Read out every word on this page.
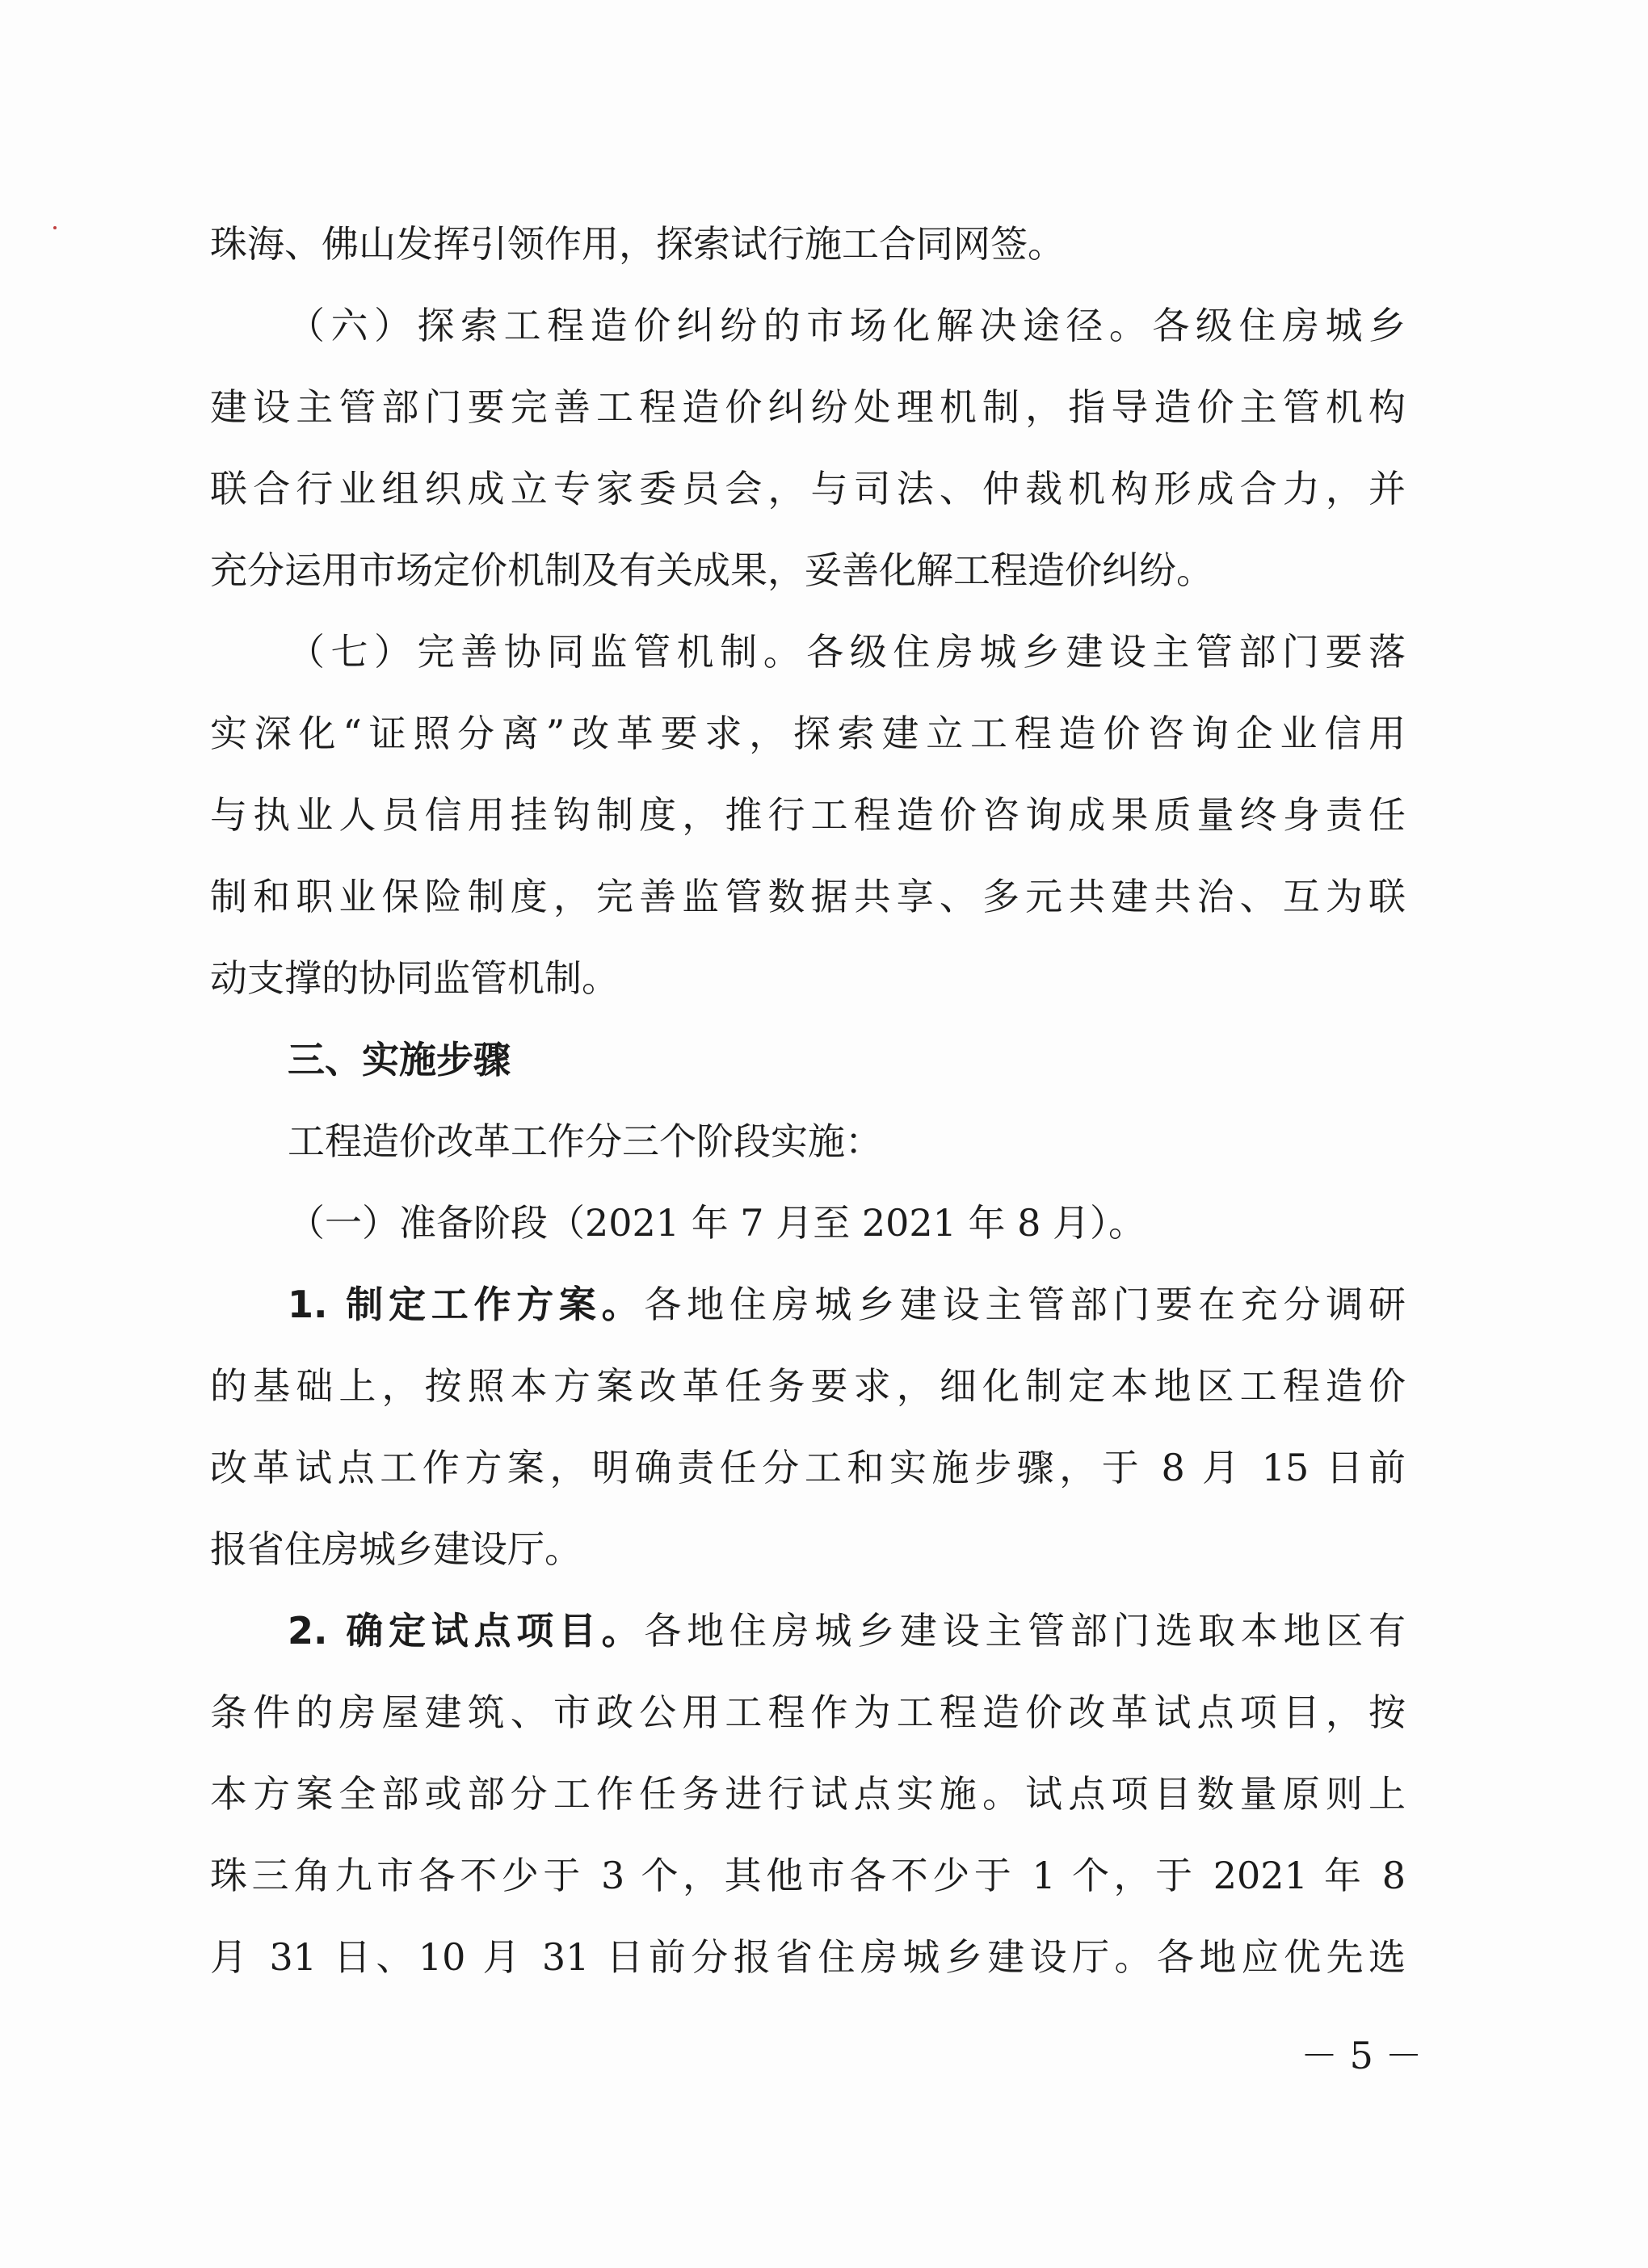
珠海、佛山发挥引领作用，探索试行施工合同网签。
（六）探索工程造价纠纷的市场化解决途径。各级住房城乡
建设主管部门要完善工程造价纠纷处理机制，指导造价主管机构
联合行业组织成立专家委员会，与司法、仲裁机构形成合力，并
充分运用市场定价机制及有关成果，妥善化解工程造价纠纷。
（七）完善协同监管机制。各级住房城乡建设主管部门要落
实深化“证照分离”改革要求，探索建立工程造价咨询企业信用
与执业人员信用挂钩制度，推行工程造价咨询成果质量终身责任
制和职业保险制度，完善监管数据共享、多元共建共治、互为联
动支撑的协同监管机制。
三、实施步骤
工程造价改革工作分三个阶段实施：
（一）准备阶段（2021 年 7 月至 2021 年 8 月）。
1. 制定工作方案。各地住房城乡建设主管部门要在充分调研
的基础上，按照本方案改革任务要求，细化制定本地区工程造价
改革试点工作方案，明确责任分工和实施步骤，于 8 月 15 日前
报省住房城乡建设厅。
2. 确定试点项目。各地住房城乡建设主管部门选取本地区有
条件的房屋建筑、市政公用工程作为工程造价改革试点项目，按
本方案全部或部分工作任务进行试点实施。试点项目数量原则上
珠三角九市各不少于 3 个，其他市各不少于 1 个，于 2021 年 8
月 31 日、10 月 31 日前分报省住房城乡建设厅。各地应优先选
－ 5 －
